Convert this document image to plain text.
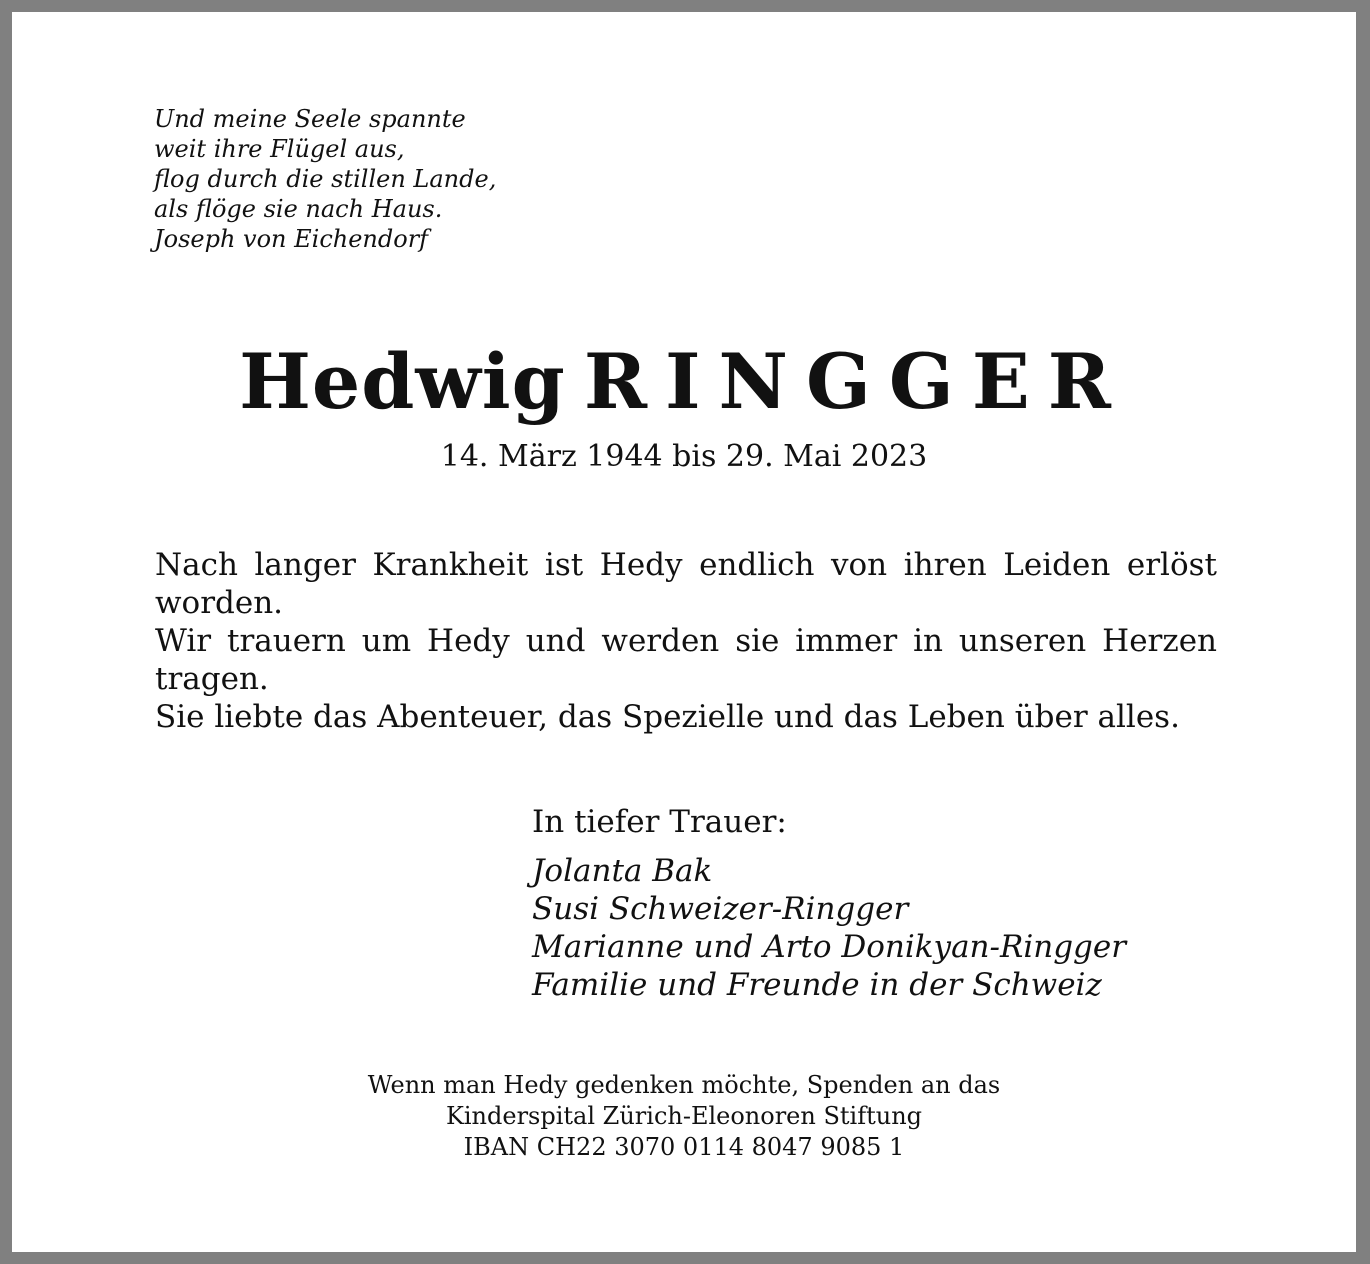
Und meine Seele spannte
weit ihre Flügel aus,
flog durch die stillen Lande,
als flöge sie nach Haus.
Joseph von Eichendorf
Hedwig RINGGER
14. März 1944 bis 29. Mai 2023

Nach langer Krankheit ist Hedy endlich von ihren Leiden erlöst worden.

Wir trauern um Hedy und werden sie immer in unseren Herzen tragen.

Sie liebte das Abenteuer, das Spezielle und das Leben über alles.

In tiefer Trauer:
Jolanta Bak
Susi Schweizer-Ringger
Marianne und Arto Donikyan-Ringger
Familie und Freunde in der Schweiz
Wenn man Hedy gedenken möchte, Spenden an das
Kinderspital Zürich-Eleonoren Stiftung
IBAN CH22 3070 0114 8047 9085 1
